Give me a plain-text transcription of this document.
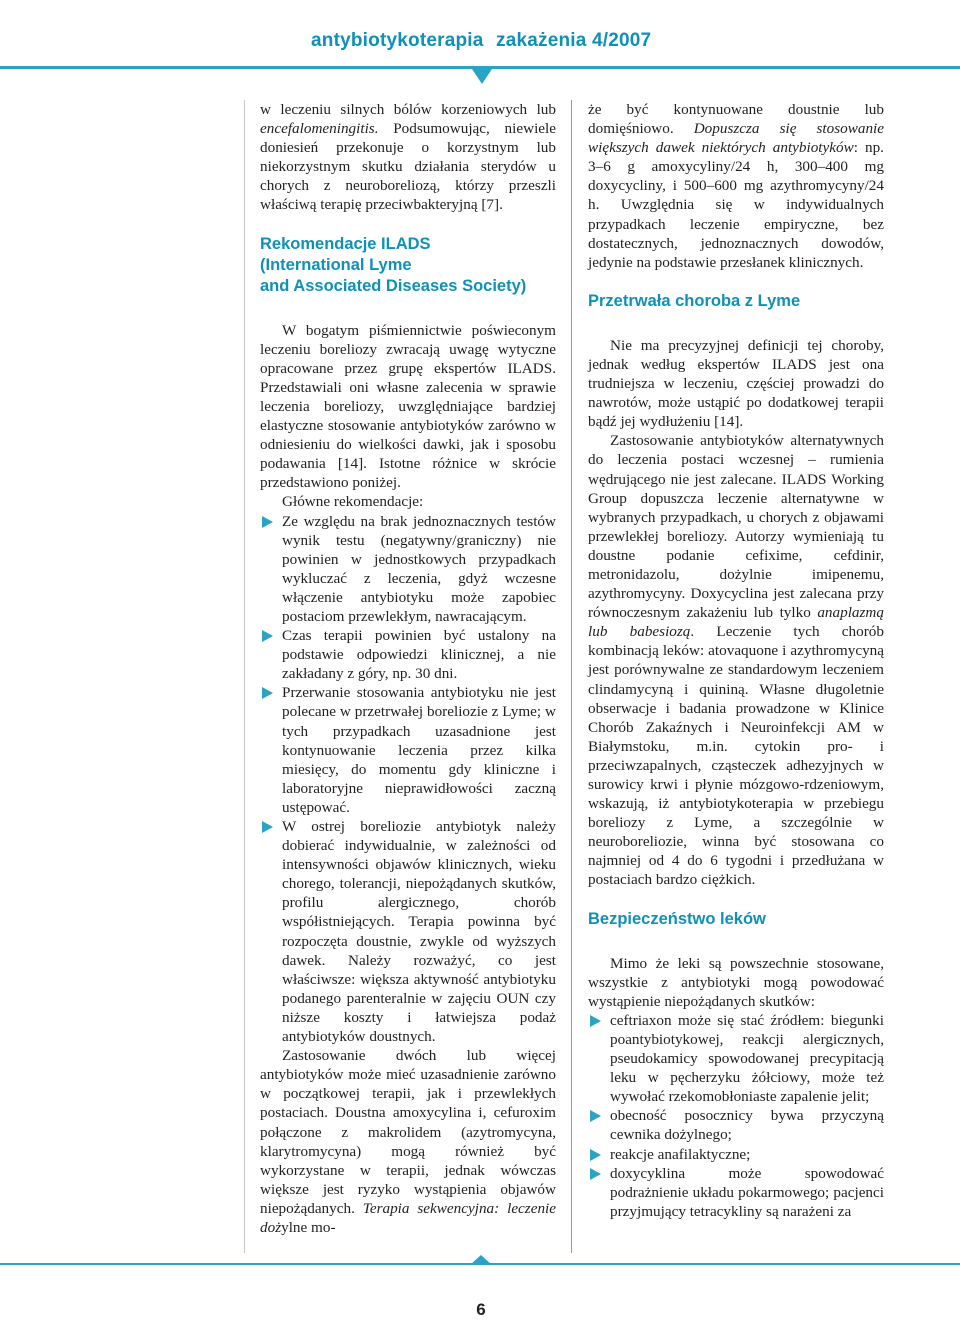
antybiotykoterapia zakażenia 4/2007

w leczeniu silnych bólów korzeniowych lub encefalomeningitis. Podsumowując, niewiele doniesień przekonuje o korzystnym lub niekorzystnym skutku działania sterydów u chorych z neuroboreliozą, którzy przeszli właściwą terapię przeciwbakteryjną [7].

Rekomendacje ILADS
(International Lyme
and Associated Diseases Society)

W bogatym piśmiennictwie poświeconym leczeniu boreliozy zwracają uwagę wytyczne opracowane przez grupę ekspertów ILADS. Przedstawiali oni własne zalecenia w sprawie leczenia boreliozy, uwzględniające bardziej elastyczne stosowanie antybiotyków zarówno w odniesieniu do wielkości dawki, jak i sposobu podawania [14]. Istotne różnice w skrócie przedstawiono poniżej.

Główne rekomendacje:

Ze względu na brak jednoznacznych testów wynik testu (negatywny/graniczny) nie powinien w jednostkowych przypadkach wykluczać z leczenia, gdyż wczesne włączenie antybiotyku może zapobiec postaciom przewlekłym, nawracającym.
Czas terapii powinien być ustalony na podstawie odpowiedzi klinicznej, a nie zakładany z góry, np. 30 dni.
Przerwanie stosowania antybiotyku nie jest polecane w przetrwałej boreliozie z Lyme; w tych przypadkach uzasadnione jest kontynuowanie leczenia przez kilka miesięcy, do momentu gdy kliniczne i laboratoryjne nieprawidłowości zaczną ustępować.
W ostrej boreliozie antybiotyk należy dobierać indywidualnie, w zależności od intensywności objawów klinicznych, wieku chorego, tolerancji, niepożądanych skutków, profilu alergicznego, chorób współistniejących. Terapia powinna być rozpoczęta doustnie, zwykle od wyższych dawek. Należy rozważyć, co jest właściwsze: większa aktywność antybiotyku podanego parenteralnie w zajęciu OUN czy niższe koszty i łatwiejsza podaż antybiotyków doustnych.

Zastosowanie dwóch lub więcej antybiotyków może mieć uzasadnienie zarówno w początkowej terapii, jak i przewlekłych postaciach. Doustna amoxycylina i, cefuroxim połączone z makrolidem (azytromycyna, klarytromycyna) mogą również być wykorzystane w terapii, jednak wówczas większe jest ryzyko wystąpienia objawów niepożądanych. Terapia sekwencyjna: leczenie dożylne mo-

że być kontynuowane doustnie lub domięśniowo. Dopuszcza się stosowanie większych dawek niektórych antybiotyków: np. 3–6 g amoxycyliny/24 h, 300–400 mg doxycycliny, i 500–600 mg azythromycyny/24 h. Uwzględnia się w indywidualnych przypadkach leczenie empiryczne, bez dostatecznych, jednoznacznych dowodów, jedynie na podstawie przesłanek klinicznych.

Przetrwała choroba z Lyme

Nie ma precyzyjnej definicji tej choroby, jednak według ekspertów ILADS jest ona trudniejsza w leczeniu, częściej prowadzi do nawrotów, może ustąpić po dodatkowej terapii bądź jej wydłużeniu [14].

Zastosowanie antybiotyków alternatywnych do leczenia postaci wczesnej – rumienia wędrującego nie jest zalecane. ILADS Working Group dopuszcza leczenie alternatywne w wybranych przypadkach, u chorych z objawami przewlekłej boreliozy. Autorzy wymieniają tu doustne podanie cefixime, cefdinir, metronidazolu, dożylnie imipenemu, azythromycyny. Doxycyclina jest zalecana przy równoczesnym zakażeniu lub tylko anaplazmą lub babesiozą. Leczenie tych chorób kombinacją leków: atovaquone i azythromycyną jest porównywalne ze standardowym leczeniem clindamycyną i quininą. Własne długoletnie obserwacje i badania prowadzone w Klinice Chorób Zakaźnych i Neuroinfekcji AM w Białymstoku, m.in. cytokin pro- i przeciwzapalnych, cząsteczek adhezyjnych w surowicy krwi i płynie mózgowo-rdzeniowym, wskazują, iż antybiotykoterapia w przebiegu boreliozy z Lyme, a szczególnie w neuroboreliozie, winna być stosowana co najmniej od 4 do 6 tygodni i przedłużana w postaciach bardzo ciężkich.

Bezpieczeństwo leków

Mimo że leki są powszechnie stosowane, wszystkie z antybiotyki mogą powodować wystąpienie niepożądanych skutków:

ceftriaxon może się stać źródłem: biegunki poantybiotykowej, reakcji alergicznych, pseudokamicy spowodowanej precypitacją leku w pęcherzyku żółciowy, może też wywołać rzekomobłoniaste zapalenie jelit;
obecność posocznicy bywa przyczyną cewnika dożylnego;
reakcje anafilaktyczne;
doxycyklina może spowodować podrażnienie układu pokarmowego; pacjenci przyjmujący tetracykliny są narażeni za
6
